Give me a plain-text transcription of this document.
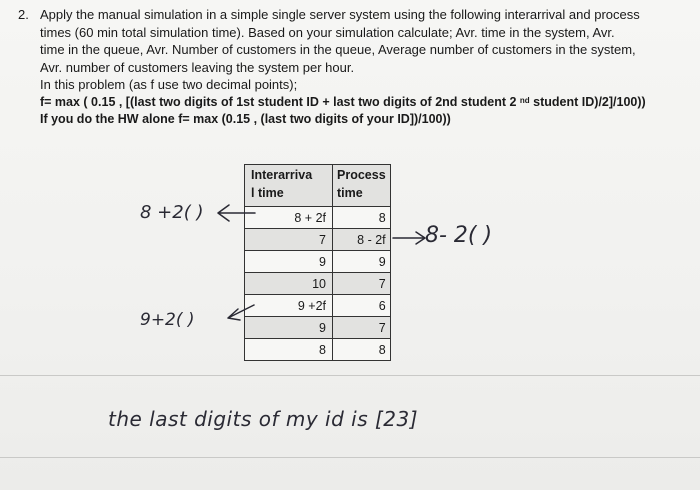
2. Apply the manual simulation in a simple single server system using the following interarrival and process
times (60 min total simulation time). Based on your simulation calculate; Avr. time in the system, Avr.
time in the queue, Avr. Number of customers in the queue, Average number of customers in the system,
Avr. number of customers leaving the system per hour.
In this problem (as f use two decimal points);
f= max ( 0.15 , [(last two digits of 1st student ID + last two digits of 2nd student 2 $^{nd}$ student ID)/2]/100))
If you do the HW alone f= max (0.15 , (last two digits of your ID])/100))
Interarriva
l time	Process
time
8 + 2f	8
7	8 - 2f
9	9
10	7
9 +2f	6
9	7
8	8
8 +2( )
9+2( )
8- 2( )
the last digits of my id is [23]
